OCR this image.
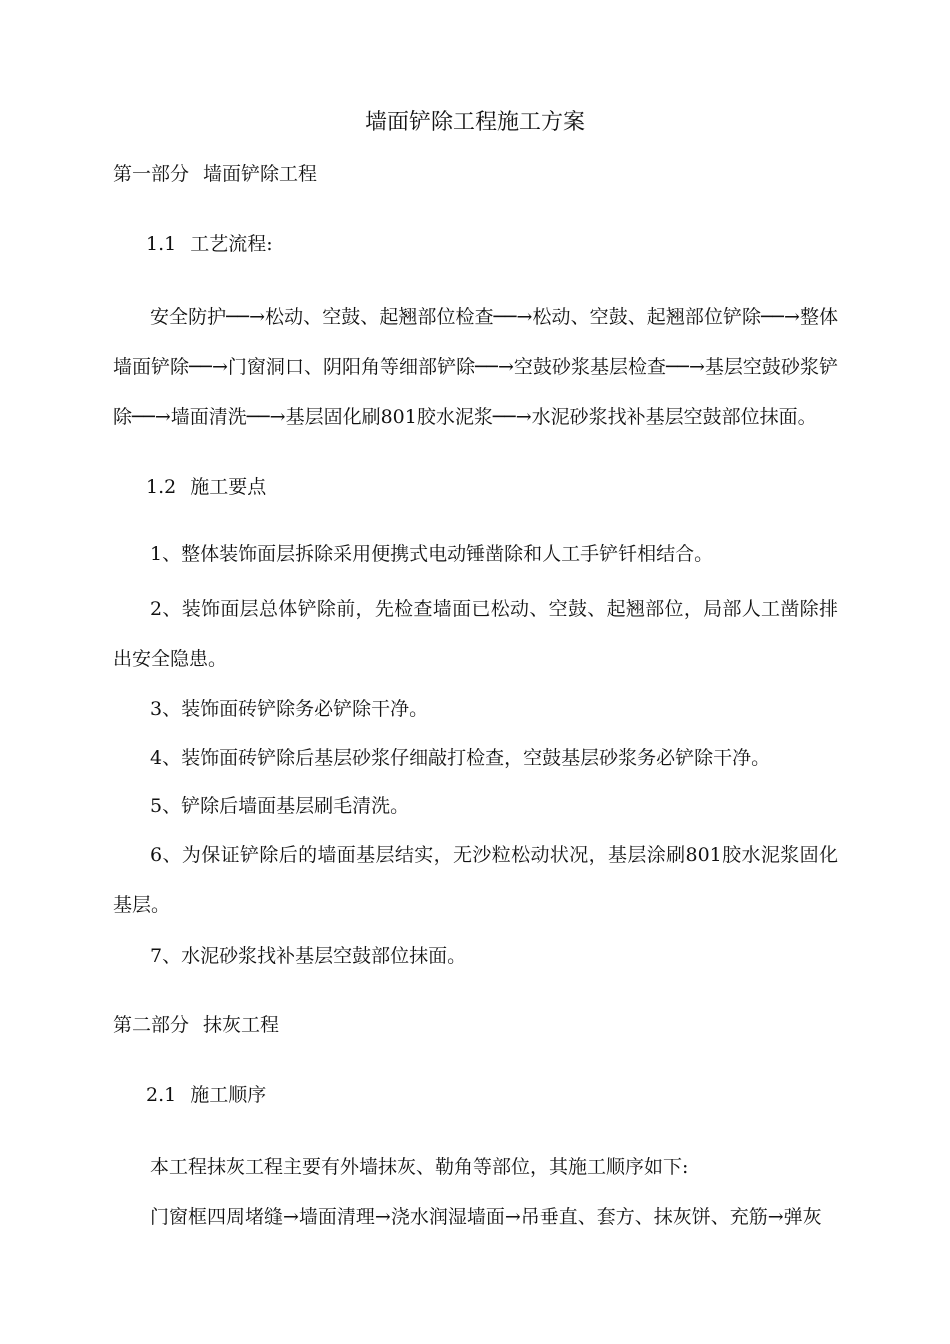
墙面铲除工程施工方案
第一部分 墙面铲除工程
1.1 工艺流程:
安全防护──→松动、空鼓、起翘部位检查──→松动、空鼓、起翘部位铲除──→整体墙面铲除──→门窗洞口、阴阳角等细部铲除──→空鼓砂浆基层检查──→基层空鼓砂浆铲除──→墙面清洗──→基层固化刷801胶水泥浆──→水泥砂浆找补基层空鼓部位抹面。
1.2 施工要点
1、整体装饰面层拆除采用便携式电动锤凿除和人工手铲钎相结合。
2、装饰面层总体铲除前，先检查墙面已松动、空鼓、起翘部位，局部人工凿除排出安全隐患。
3、装饰面砖铲除务必铲除干净。
4、装饰面砖铲除后基层砂浆仔细敲打检查，空鼓基层砂浆务必铲除干净。
5、铲除后墙面基层刷毛清洗。
6、为保证铲除后的墙面基层结实，无沙粒松动状况，基层涂刷801胶水泥浆固化基层。
7、水泥砂浆找补基层空鼓部位抹面。
第二部分 抹灰工程
2.1 施工顺序
本工程抹灰工程主要有外墙抹灰、勒角等部位，其施工顺序如下:
门窗框四周堵缝→墙面清理→浇水润湿墙面→吊垂直、套方、抹灰饼、充筋→弹灰
